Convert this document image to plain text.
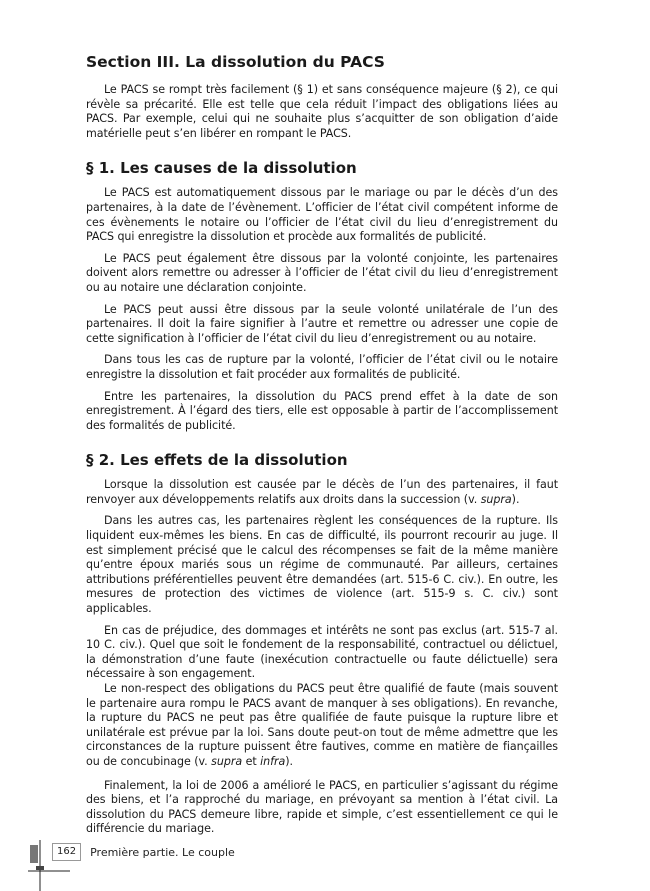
Section III. La dissolution du PACS

Le PACS se rompt très facilement (§ 1) et sans conséquence majeure (§ 2), ce qui révèle sa précarité. Elle est telle que cela réduit l’impact des obligations liées au PACS. Par exemple, celui qui ne souhaite plus s’acquitter de son obligation d’aide matérielle peut s’en libérer en rompant le PACS.

§ 1. Les causes de la dissolution

Le PACS est automatiquement dissous par le mariage ou par le décès d’un des partenaires, à la date de l’évènement. L’officier de l’état civil compétent informe de ces évènements le notaire ou l’officier de l’état civil du lieu d’enregistrement du PACS qui enregistre la dissolution et procède aux formalités de publicité.

Le PACS peut également être dissous par la volonté conjointe, les partenaires doivent alors remettre ou adresser à l’officier de l’état civil du lieu d’enregistrement ou au notaire une déclaration conjointe.

Le PACS peut aussi être dissous par la seule volonté unilatérale de l’un des partenaires. Il doit la faire signifier à l’autre et remettre ou adresser une copie de cette signification à l’officier de l’état civil du lieu d’enregistrement ou au notaire.

Dans tous les cas de rupture par la volonté, l’officier de l’état civil ou le notaire enregistre la dissolution et fait procéder aux formalités de publicité.

Entre les partenaires, la dissolution du PACS prend effet à la date de son enregistrement. À l’égard des tiers, elle est opposable à partir de l’accomplissement des formalités de publicité.

§ 2. Les effets de la dissolution

Lorsque la dissolution est causée par le décès de l’un des partenaires, il faut renvoyer aux développements relatifs aux droits dans la succession (v. supra).

Dans les autres cas, les partenaires règlent les conséquences de la rupture. Ils liquident eux-mêmes les biens. En cas de difficulté, ils pourront recourir au juge. Il est simplement précisé que le calcul des récompenses se fait de la même manière qu’entre époux mariés sous un régime de communauté. Par ailleurs, certaines attributions préférentielles peuvent être demandées (art. 515-6 C. civ.). En outre, les mesures de protection des victimes de violence (art. 515-9 s. C. civ.) sont applicables.

En cas de préjudice, des dommages et intérêts ne sont pas exclus (art. 515-7 al. 10 C. civ.). Quel que soit le fondement de la responsabilité, contractuel ou délictuel, la démonstration d’une faute (inexécution contractuelle ou faute délictuelle) sera nécessaire à son engagement.

Le non-respect des obligations du PACS peut être qualifié de faute (mais souvent le partenaire aura rompu le PACS avant de manquer à ses obligations). En revanche, la rupture du PACS ne peut pas être qualifiée de faute puisque la rupture libre et unilatérale est prévue par la loi. Sans doute peut-on tout de même admettre que les circonstances de la rupture puissent être fautives, comme en matière de fiançailles ou de concubinage (v. supra et infra).

Finalement, la loi de 2006 a amélioré le PACS, en particulier s’agissant du régime des biens, et l’a rapproché du mariage, en prévoyant sa mention à l’état civil. La dissolution du PACS demeure libre, rapide et simple, c’est essentiellement ce qui le différencie du mariage.

162	Première partie. Le couple
